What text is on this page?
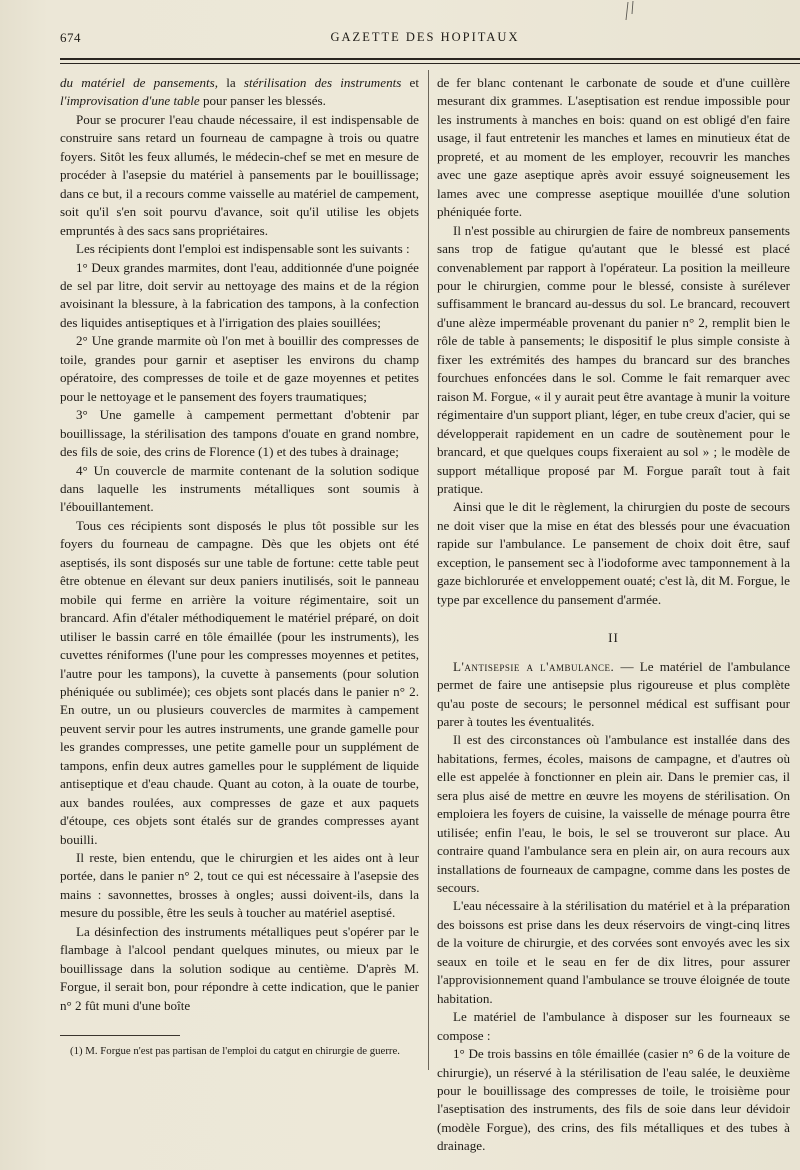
674	GAZETTE DES HOPITAUX

du matériel de pansements, la stérilisation des instruments et l'improvisation d'une table pour panser les blessés.

Pour se procurer l'eau chaude nécessaire, il est indispensable de construire sans retard un fourneau de campagne à trois ou quatre foyers. Sitôt les feux allumés, le médecin-chef se met en mesure de procéder à l'asepsie du matériel à pansements par le bouillissage; dans ce but, il a recours comme vaisselle au matériel de campement, soit qu'il s'en soit pourvu d'avance, soit qu'il utilise les objets empruntés à des sacs sans propriétaires.

Les récipients dont l'emploi est indispensable sont les suivants :

1° Deux grandes marmites, dont l'eau, additionnée d'une poignée de sel par litre, doit servir au nettoyage des mains et de la région avoisinant la blessure, à la fabrication des tampons, à la confection des liquides antiseptiques et à l'irrigation des plaies souillées;

2° Une grande marmite où l'on met à bouillir des compresses de toile, grandes pour garnir et aseptiser les environs du champ opératoire, des compresses de toile et de gaze moyennes et petites pour le nettoyage et le pansement des foyers traumatiques;

3° Une gamelle à campement permettant d'obtenir par bouillissage, la stérilisation des tampons d'ouate en grand nombre, des fils de soie, des crins de Florence (1) et des tubes à drainage;

4° Un couvercle de marmite contenant de la solution sodique dans laquelle les instruments métalliques sont soumis à l'ébouillantement.

Tous ces récipients sont disposés le plus tôt possible sur les foyers du fourneau de campagne. Dès que les objets ont été aseptisés, ils sont disposés sur une table de fortune: cette table peut être obtenue en élevant sur deux paniers inutilisés, soit le panneau mobile qui ferme en arrière la voiture régimentaire, soit un brancard. Afin d'étaler méthodiquement le matériel préparé, on doit utiliser le bassin carré en tôle émaillée (pour les instruments), les cuvettes réniformes (l'une pour les compresses moyennes et petites, l'autre pour les tampons), la cuvette à pansements (pour solution phéniquée ou sublimée); ces objets sont placés dans le panier n° 2. En outre, un ou plusieurs couvercles de marmites à campement peuvent servir pour les autres instruments, une grande gamelle pour les grandes compresses, une petite gamelle pour un supplément de tampons, enfin deux autres gamelles pour le supplément de liquide antiseptique et d'eau chaude. Quant au coton, à la ouate de tourbe, aux bandes roulées, aux compresses de gaze et aux paquets d'étoupe, ces objets sont étalés sur de grandes compresses ayant bouilli.

Il reste, bien entendu, que le chirurgien et les aides ont à leur portée, dans le panier n° 2, tout ce qui est nécessaire à l'asepsie des mains : savonnettes, brosses à ongles; aussi doivent-ils, dans la mesure du possible, être les seuls à toucher au matériel aseptisé.

La désinfection des instruments métalliques peut s'opérer par le flambage à l'alcool pendant quelques minutes, ou mieux par le bouillissage dans la solution sodique au centième. D'après M. Forgue, il serait bon, pour répondre à cette indication, que le panier n° 2 fût muni d'une boîte

(1) M. Forgue n'est pas partisan de l'emploi du catgut en chirurgie de guerre.

de fer blanc contenant le carbonate de soude et d'une cuillère mesurant dix grammes. L'aseptisation est rendue impossible pour les instruments à manches en bois: quand on est obligé d'en faire usage, il faut entretenir les manches et lames en minutieux état de propreté, et au moment de les employer, recouvrir les manches avec une gaze aseptique après avoir essuyé soigneusement les lames avec une compresse aseptique mouillée d'une solution phéniquée forte.

Il n'est possible au chirurgien de faire de nombreux pansements sans trop de fatigue qu'autant que le blessé est placé convenablement par rapport à l'opérateur. La position la meilleure pour le chirurgien, comme pour le blessé, consiste à surélever suffisamment le brancard au-dessus du sol. Le brancard, recouvert d'une alèze imperméable provenant du panier n° 2, remplit bien le rôle de table à pansements; le dispositif le plus simple consiste à fixer les extrémités des hampes du brancard sur des branches fourchues enfoncées dans le sol. Comme le fait remarquer avec raison M. Forgue, « il y aurait peut être avantage à munir la voiture régimentaire d'un support pliant, léger, en tube creux d'acier, qui se développerait rapidement en un cadre de soutènement pour le brancard, et que quelques coups fixeraient au sol » ; le modèle de support métallique proposé par M. Forgue paraît tout à fait pratique.

Ainsi que le dit le règlement, la chirurgien du poste de secours ne doit viser que la mise en état des blessés pour une évacuation rapide sur l'ambulance. Le pansement de choix doit être, sauf exception, le pansement sec à l'iodoforme avec tamponnement à la gaze bichlorurée et enveloppement ouaté; c'est là, dit M. Forgue, le type par excellence du pansement d'armée.

II

L'antisepsie a l'ambulance. — Le matériel de l'ambulance permet de faire une antisepsie plus rigoureuse et plus complète qu'au poste de secours; le personnel médical est suffisant pour parer à toutes les éventualités.

Il est des circonstances où l'ambulance est installée dans des habitations, fermes, écoles, maisons de campagne, et d'autres où elle est appelée à fonctionner en plein air. Dans le premier cas, il sera plus aisé de mettre en œuvre les moyens de stérilisation. On emploiera les foyers de cuisine, la vaisselle de ménage pourra être utilisée; enfin l'eau, le bois, le sel se trouveront sur place. Au contraire quand l'ambulance sera en plein air, on aura recours aux installations de fourneaux de campagne, comme dans les postes de secours.

L'eau nécessaire à la stérilisation du matériel et à la préparation des boissons est prise dans les deux réservoirs de vingt-cinq litres de la voiture de chirurgie, et des corvées sont envoyés avec les six seaux en toile et le seau en fer de dix litres, pour assurer l'approvisionnement quand l'ambulance se trouve éloignée de toute habitation.

Le matériel de l'ambulance à disposer sur les fourneaux se compose :

1° De trois bassins en tôle émaillée (casier n° 6 de la voiture de chirurgie), un réservé à la stérilisation de l'eau salée, le deuxième pour le bouillissage des compresses de toile, le troisième pour l'aseptisation des instruments, des fils de soie dans leur dévidoir (modèle Forgue), des crins, des fils métalliques et des tubes à drainage.
